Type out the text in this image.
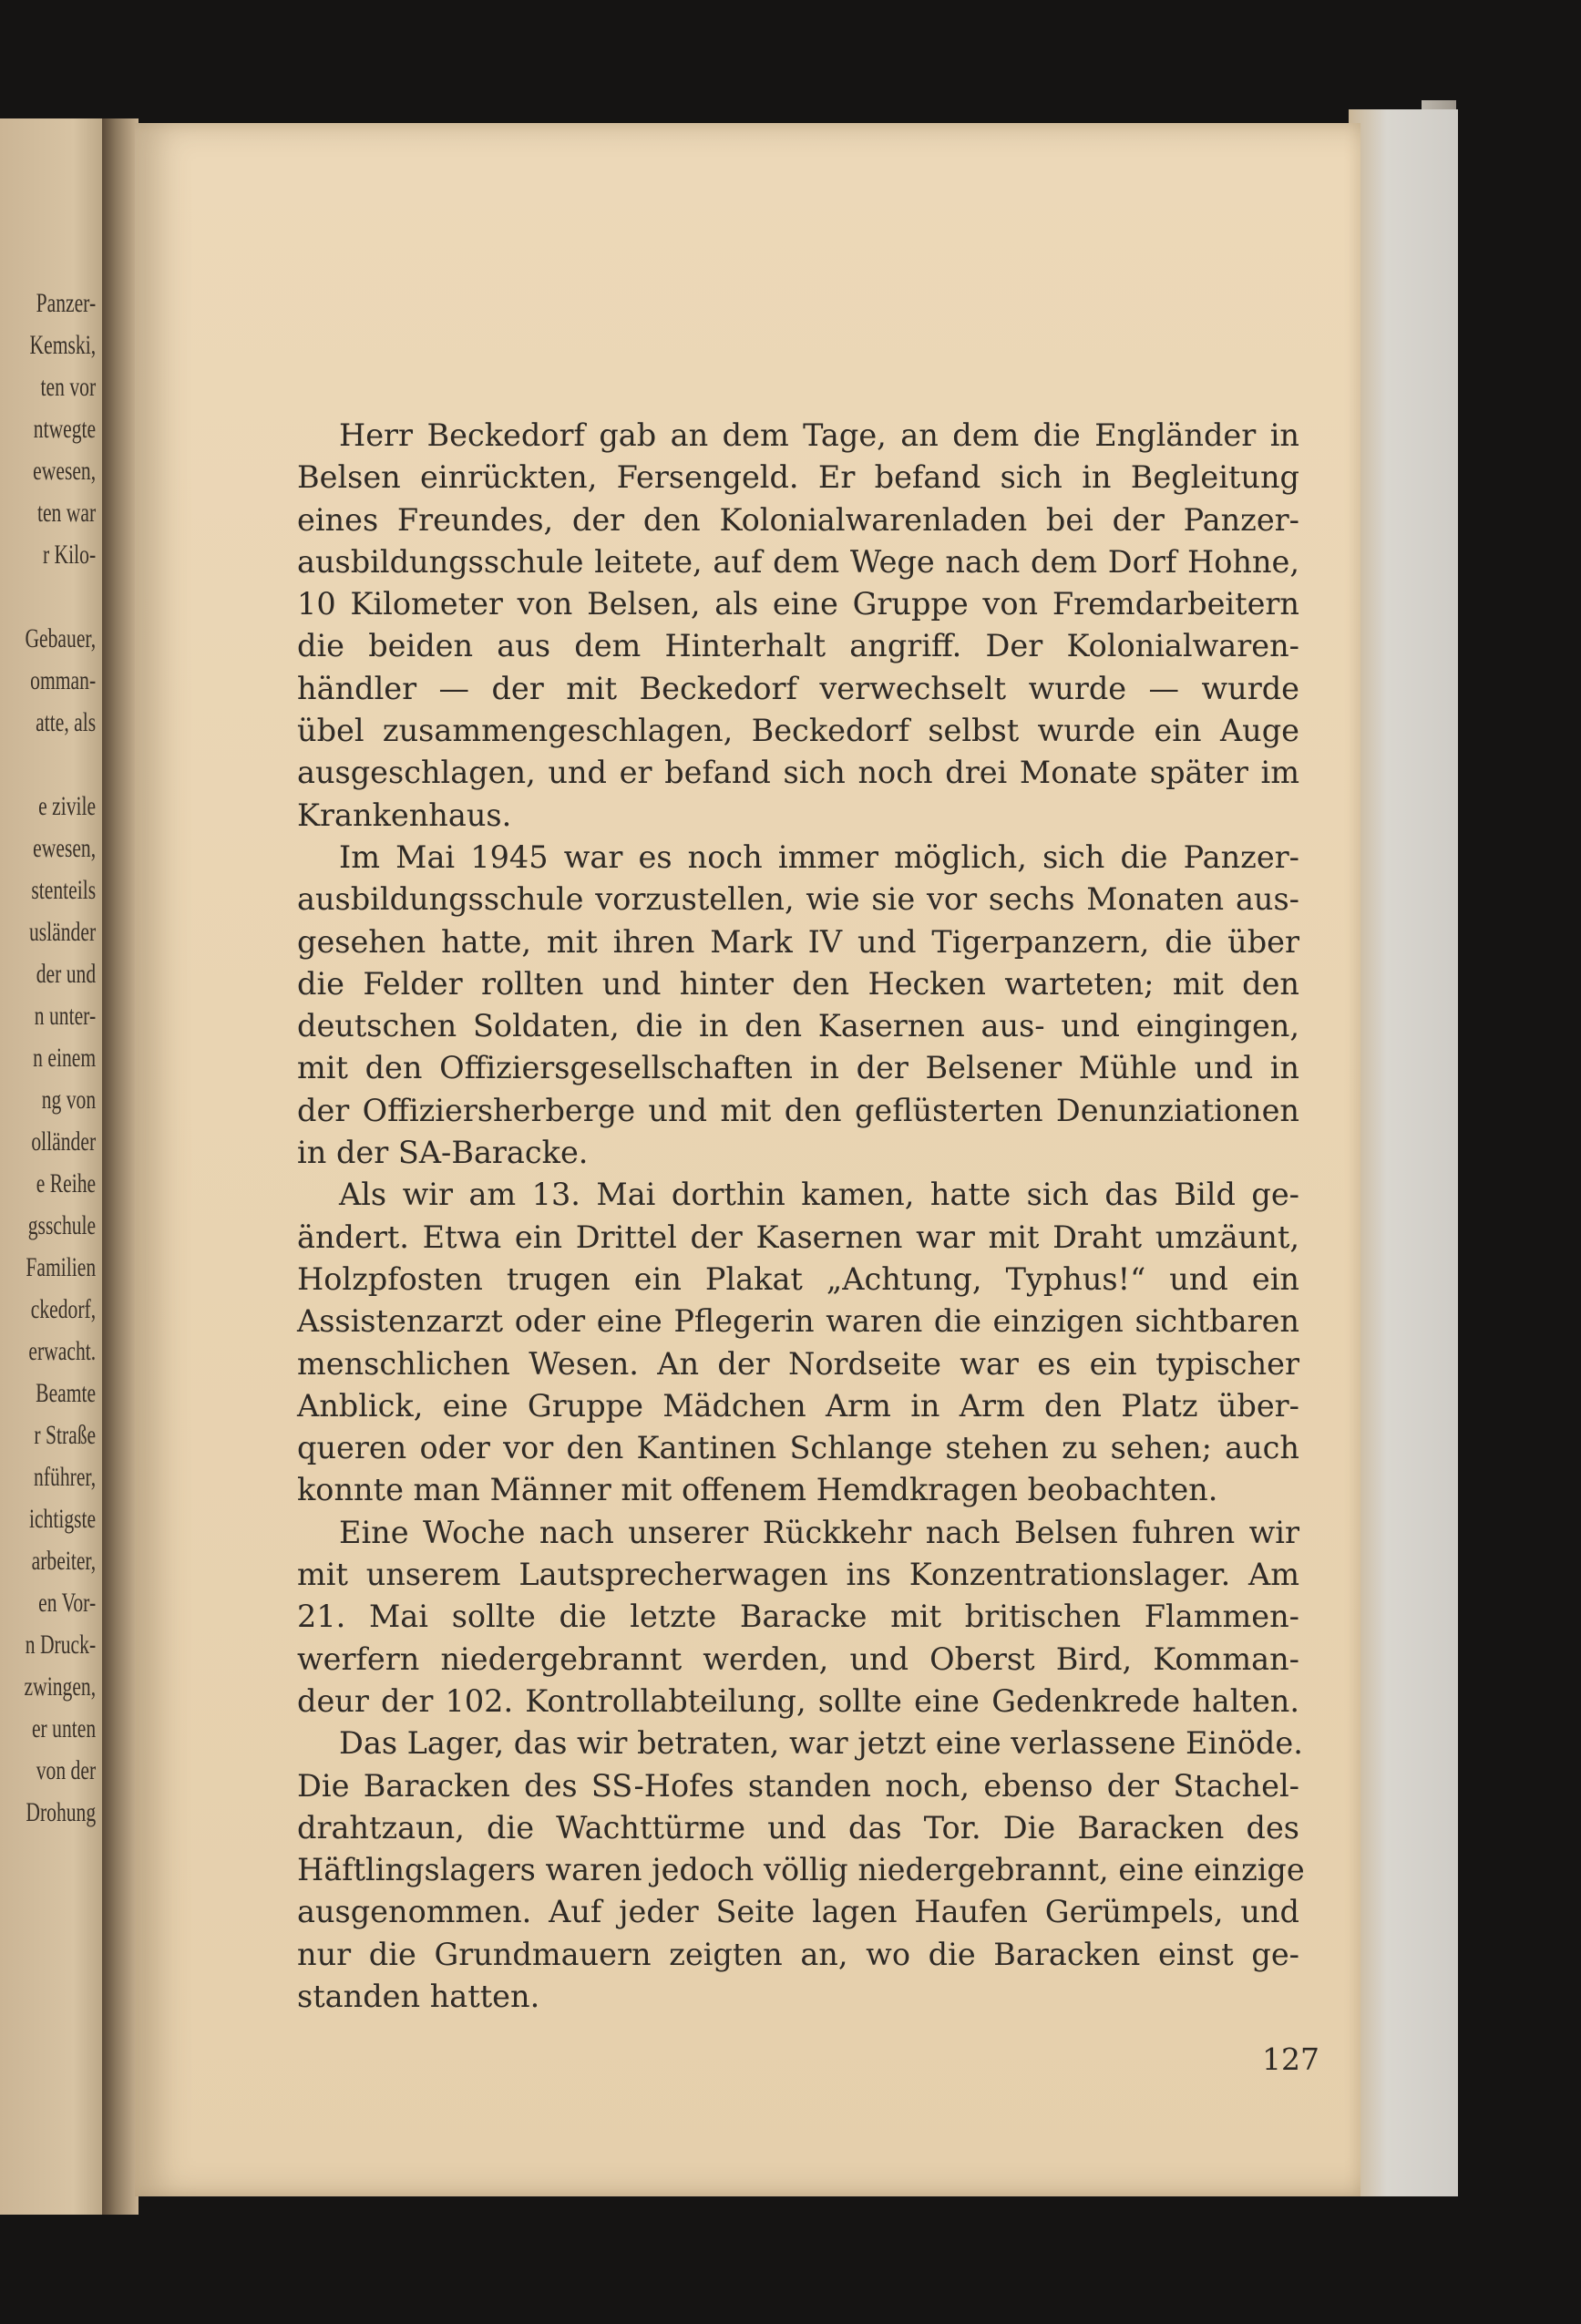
Panzer-
Kemski,
ten vor
ntwegte
ewesen,
ten war
r Kilo-
Gebauer,
omman-
atte, als
e zivile
ewesen,
stenteils
usländer
der und
n unter-
n einem
ng von
olländer
e Reihe
gsschule
Familien
ckedorf,
erwacht.
Beamte
r Straße
nführer,
ichtigste
arbeiter,
en Vor-
n Druck-
zwingen,
er unten
von der
Drohung
Herr Beckedorf gab an dem Tage, an dem die Engländer in
Belsen einrückten, Fersengeld. Er befand sich in Begleitung
eines Freundes, der den Kolonialwarenladen bei der Panzer-
ausbildungsschule leitete, auf dem Wege nach dem Dorf Hohne,
10 Kilometer von Belsen, als eine Gruppe von Fremdarbeitern
die beiden aus dem Hinterhalt angriff. Der Kolonialwaren-
händler — der mit Beckedorf verwechselt wurde — wurde
übel zusammengeschlagen, Beckedorf selbst wurde ein Auge
ausgeschlagen, und er befand sich noch drei Monate später im
Krankenhaus.
Im Mai 1945 war es noch immer möglich, sich die Panzer-
ausbildungsschule vorzustellen, wie sie vor sechs Monaten aus-
gesehen hatte, mit ihren Mark IV und Tigerpanzern, die über
die Felder rollten und hinter den Hecken warteten; mit den
deutschen Soldaten, die in den Kasernen aus- und eingingen,
mit den Offiziersgesellschaften in der Belsener Mühle und in
der Offiziersherberge und mit den geflüsterten Denunziationen
in der SA-Baracke.
Als wir am 13. Mai dorthin kamen, hatte sich das Bild ge-
ändert. Etwa ein Drittel der Kasernen war mit Draht umzäunt,
Holzpfosten trugen ein Plakat „Achtung, Typhus!“ und ein
Assistenzarzt oder eine Pflegerin waren die einzigen sichtbaren
menschlichen Wesen. An der Nordseite war es ein typischer
Anblick, eine Gruppe Mädchen Arm in Arm den Platz über-
queren oder vor den Kantinen Schlange stehen zu sehen; auch
konnte man Männer mit offenem Hemdkragen beobachten.
Eine Woche nach unserer Rückkehr nach Belsen fuhren wir
mit unserem Lautsprecherwagen ins Konzentrationslager. Am
21. Mai sollte die letzte Baracke mit britischen Flammen-
werfern niedergebrannt werden, und Oberst Bird, Komman-
deur der 102. Kontrollabteilung, sollte eine Gedenkrede halten.
Das Lager, das wir betraten, war jetzt eine verlassene Einöde.
Die Baracken des SS-Hofes standen noch, ebenso der Stachel-
drahtzaun, die Wachttürme und das Tor. Die Baracken des
Häftlingslagers waren jedoch völlig niedergebrannt, eine einzige
ausgenommen. Auf jeder Seite lagen Haufen Gerümpels, und
nur die Grundmauern zeigten an, wo die Baracken einst ge-
standen hatten.
127
